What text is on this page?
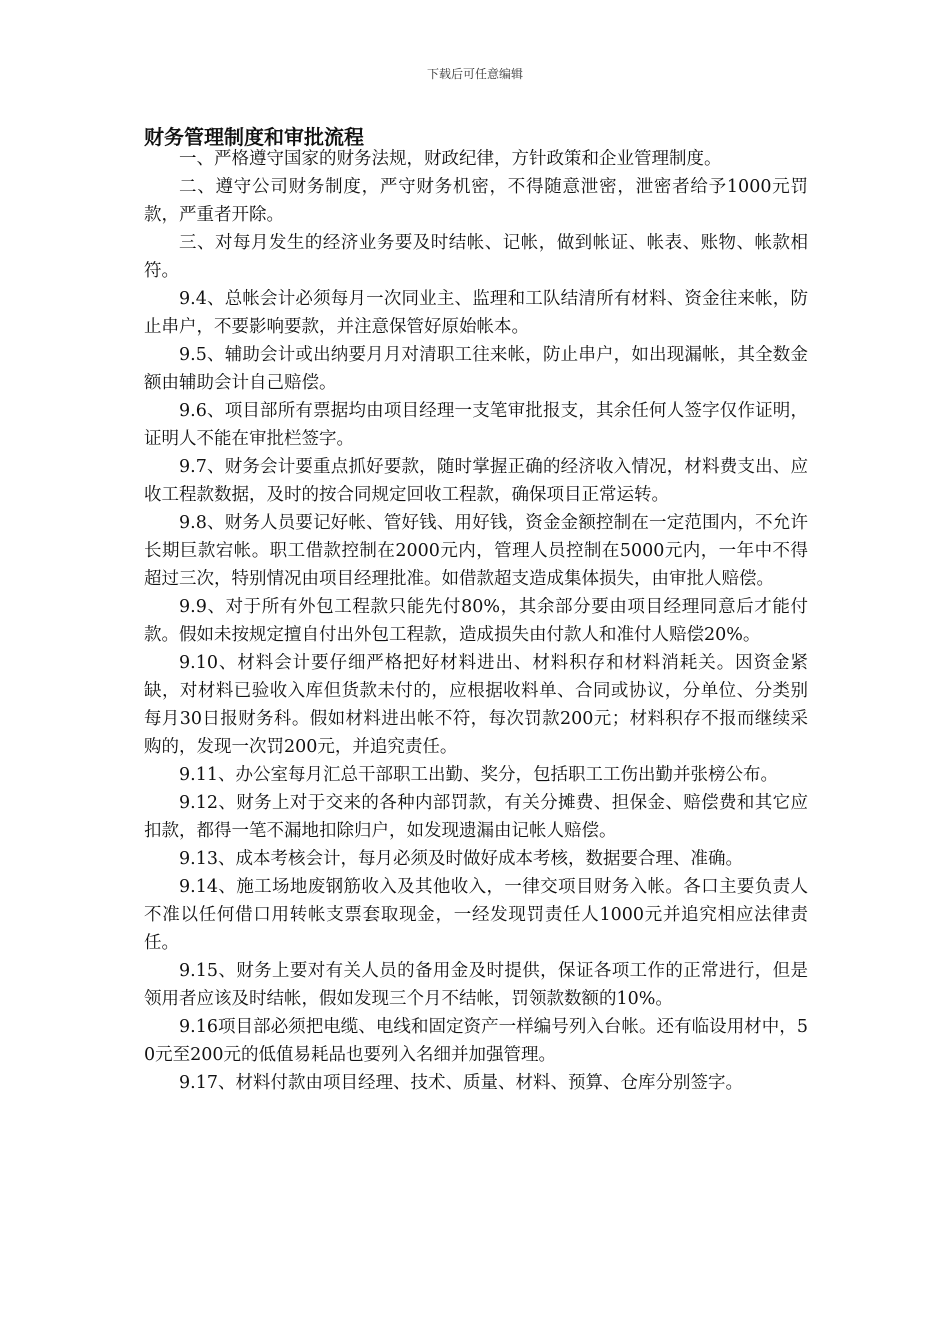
下载后可任意编辑
财务管理制度和审批流程

一、严格遵守国家的财务法规，财政纪律，方针政策和企业管理制度。

二、遵守公司财务制度，严守财务机密，不得随意泄密，泄密者给予1000元罚款，严重者开除。

三、对每月发生的经济业务要及时结帐、记帐，做到帐证、帐表、账物、帐款相符。

9.4、总帐会计必须每月一次同业主、监理和工队结清所有材料、资金往来帐，防止串户，不要影响要款，并注意保管好原始帐本。

9.5、辅助会计或出纳要月月对清职工往来帐，防止串户，如出现漏帐，其全数金额由辅助会计自己赔偿。

9.6、项目部所有票据均由项目经理一支笔审批报支，其余任何人签字仅作证明，证明人不能在审批栏签字。

9.7、财务会计要重点抓好要款，随时掌握正确的经济收入情况，材料费支出、应收工程款数据，及时的按合同规定回收工程款，确保项目正常运转。

9.8、财务人员要记好帐、管好钱、用好钱，资金金额控制在一定范围内，不允许长期巨款宕帐。职工借款控制在2000元内，管理人员控制在5000元内，一年中不得超过三次，特别情况由项目经理批准。如借款超支造成集体损失，由审批人赔偿。

9.9、对于所有外包工程款只能先付80%，其余部分要由项目经理同意后才能付款。假如未按规定擅自付出外包工程款，造成损失由付款人和准付人赔偿20%。

9.10、材料会计要仔细严格把好材料进出、材料积存和材料消耗关。因资金紧缺，对材料已验收入库但货款未付的，应根据收料单、合同或协议，分单位、分类别每月30日报财务科。假如材料进出帐不符，每次罚款200元；材料积存不报而继续采购的，发现一次罚200元，并追究责任。

9.11、办公室每月汇总干部职工出勤、奖分，包括职工工伤出勤并张榜公布。

9.12、财务上对于交来的各种内部罚款，有关分摊费、担保金、赔偿费和其它应扣款，都得一笔不漏地扣除归户，如发现遗漏由记帐人赔偿。

9.13、成本考核会计，每月必须及时做好成本考核，数据要合理、准确。

9.14、施工场地废钢筋收入及其他收入，一律交项目财务入帐。各口主要负责人不准以任何借口用转帐支票套取现金，一经发现罚责任人1000元并追究相应法律责任。

9.15、财务上要对有关人员的备用金及时提供，保证各项工作的正常进行，但是领用者应该及时结帐，假如发现三个月不结帐，罚领款数额的10%。

9.16项目部必须把电缆、电线和固定资产一样编号列入台帐。还有临设用材中，50元至200元的低值易耗品也要列入名细并加强管理。

9.17、材料付款由项目经理、技术、质量、材料、预算、仓库分别签字。
